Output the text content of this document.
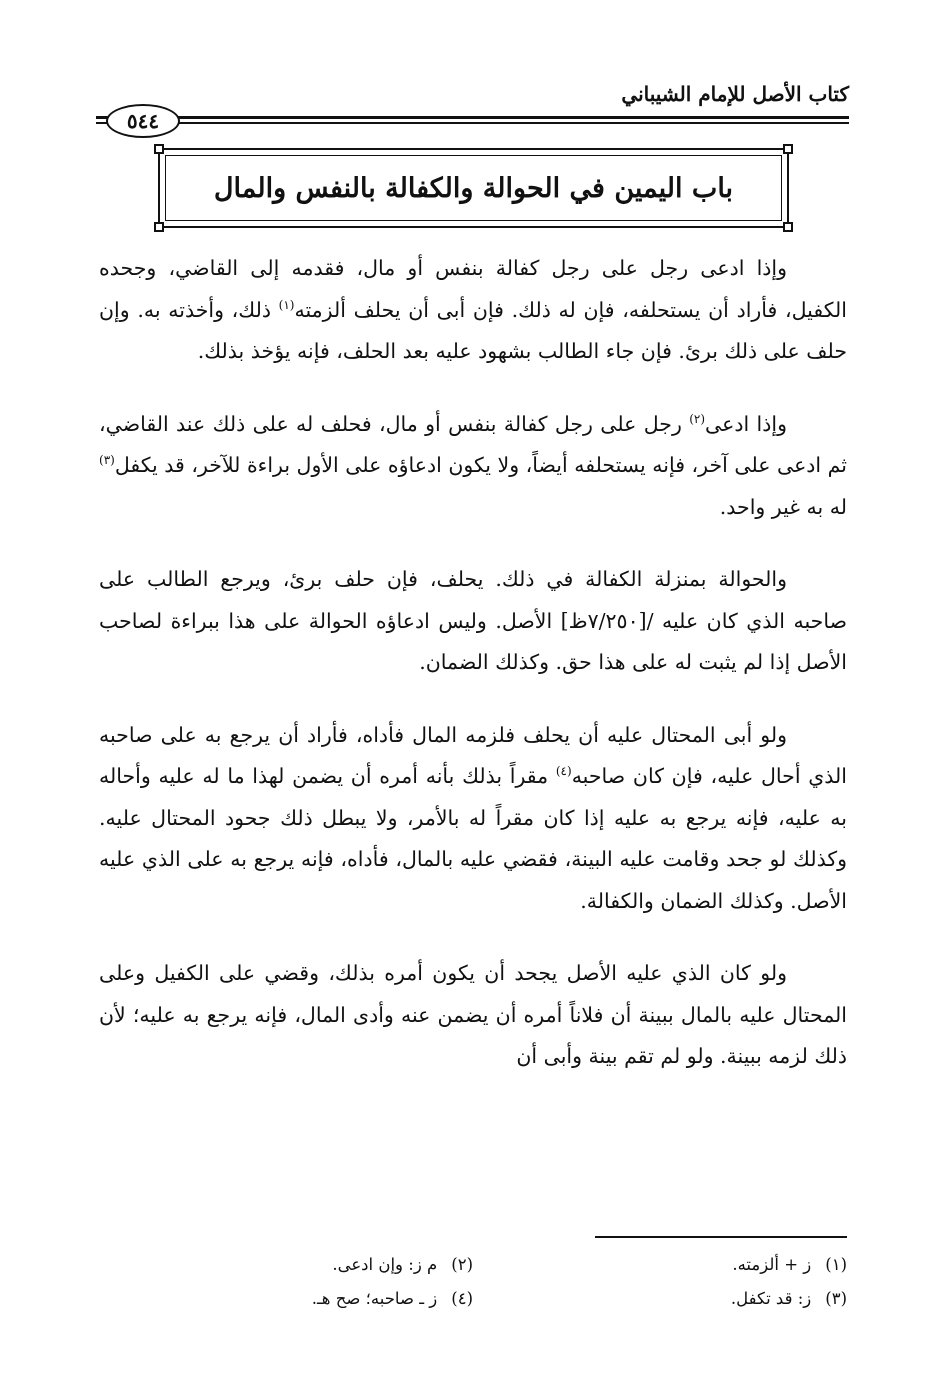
كتاب الأصل للإمام الشيباني
٥٤٤
باب اليمين في الحوالة والكفالة بالنفس والمال

وإذا ادعى رجل على رجل كفالة بنفس أو مال، فقدمه إلى القاضي، وجحده الكفيل، فأراد أن يستحلفه، فإن له ذلك. فإن أبى أن يحلف ألزمته$^{(١)}$ ذلك، وأخذته به. وإن حلف على ذلك برئ. فإن جاء الطالب بشهود عليه بعد الحلف، فإنه يؤخذ بذلك.

وإذا ادعى$^{(٢)}$ رجل على رجل كفالة بنفس أو مال، فحلف له على ذلك عند القاضي، ثم ادعى على آخر، فإنه يستحلفه أيضاً، ولا يكون ادعاؤه على الأول براءة للآخر، قد يكفل$^{(٣)}$ له به غير واحد.

والحوالة بمنزلة الكفالة في ذلك. يحلف، فإن حلف برئ، ويرجع الطالب على صاحبه الذي كان عليه /[٧/٢٥٠ظ] الأصل. وليس ادعاؤه الحوالة على هذا ببراءة لصاحب الأصل إذا لم يثبت له على هذا حق. وكذلك الضمان.

ولو أبى المحتال عليه أن يحلف فلزمه المال فأداه، فأراد أن يرجع به على صاحبه الذي أحال عليه، فإن كان صاحبه$^{(٤)}$ مقراً بذلك بأنه أمره أن يضمن لهذا ما له عليه وأحاله به عليه، فإنه يرجع به عليه إذا كان مقراً له بالأمر، ولا يبطل ذلك جحود المحتال عليه. وكذلك لو جحد وقامت عليه البينة، فقضي عليه بالمال، فأداه، فإنه يرجع به على الذي عليه الأصل. وكذلك الضمان والكفالة.

ولو كان الذي عليه الأصل يجحد أن يكون أمره بذلك، وقضي على الكفيل وعلى المحتال عليه بالمال ببينة أن فلاناً أمره أن يضمن عنه وأدى المال، فإنه يرجع به عليه؛ لأن ذلك لزمه ببينة. ولو لم تقم بينة وأبى أن

(١)ز + ألزمته.
(٢)م ز: وإن ادعى.
(٣)ز: قد تكفل.
(٤)ز ـ صاحبه؛ صح هـ.
